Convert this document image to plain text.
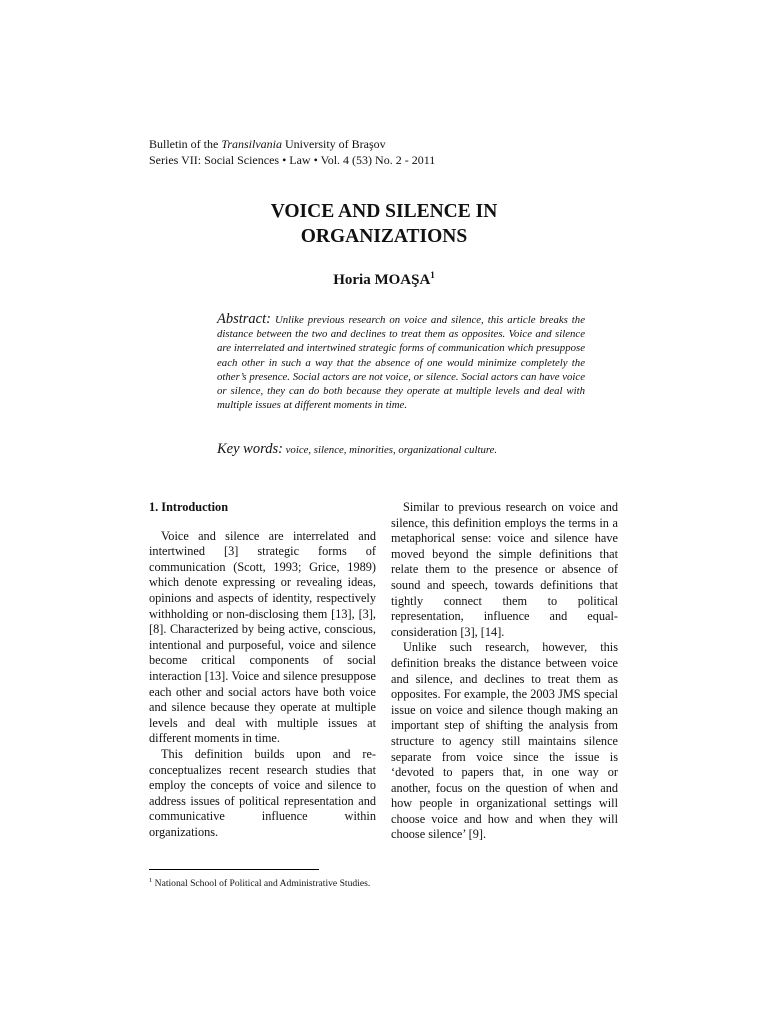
Bulletin of the Transilvania University of Braşov
Series VII: Social Sciences • Law • Vol. 4 (53) No. 2 - 2011
VOICE AND SILENCE IN
ORGANIZATIONS
Horia MOAŞA$^1$
Abstract: Unlike previous research on voice and silence, this article breaks the distance between the two and declines to treat them as opposites. Voice and silence are interrelated and intertwined strategic forms of communication which presuppose each other in such a way that the absence of one would minimize completely the other’s presence. Social actors are not voice, or silence. Social actors can have voice or silence, they can do both because they operate at multiple levels and deal with multiple issues at different moments in time.
Key words: voice, silence, minorities, organizational culture.

1. Introduction

Voice and silence are interrelated and intertwined [3] strategic forms of communication (Scott, 1993; Grice, 1989) which denote expressing or revealing ideas, opinions and aspects of identity, respectively withholding or non-disclosing them [13], [3], [8]. Characterized by being active, conscious, intentional and purposeful, voice and silence become critical components of social interaction [13]. Voice and silence presuppose each other and social actors have both voice and silence because they operate at multiple levels and deal with multiple issues at different moments in time.

This definition builds upon and re-conceptualizes recent research studies that employ the concepts of voice and silence to address issues of political representation and communicative influence within organizations.

Similar to previous research on voice and silence, this definition employs the terms in a metaphorical sense: voice and silence have moved beyond the simple definitions that relate them to the presence or absence of sound and speech, towards definitions that tightly connect them to political representation, influence and equal-consideration [3], [14].

Unlike such research, however, this definition breaks the distance between voice and silence, and declines to treat them as opposites. For example, the 2003 JMS special issue on voice and silence though making an important step of shifting the analysis from structure to agency still maintains silence separate from voice since the issue is ‘devoted to papers that, in one way or another, focus on the question of when and how people in organizational settings will choose voice and how and when they will choose silence’ [9].

$^1$ National School of Political and Administrative Studies.
